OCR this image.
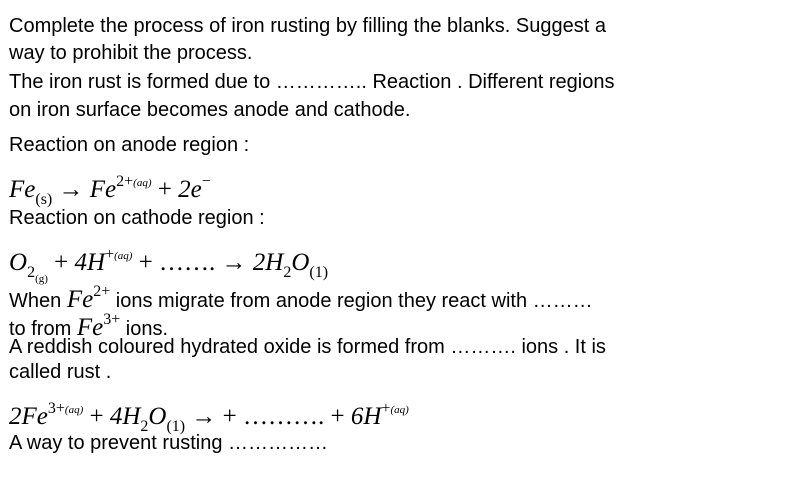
Complete the process of iron rusting by filling the blanks. Suggest a
way to prohibit the process.
The iron rust is formed due to ………….. Reaction . Different regions
on iron surface becomes anode and cathode.
Reaction on anode region :
$Fe_{(s)} \to Fe^{2+(aq)} + 2e^-$
Reaction on cathode region :
$O_{2(g)} + 4H^{+(aq)}$ + ……. → $2H_2O_{(1)}$
When $Fe^{2+}$ ions migrate from anode region they react with ………
to from $Fe^{3+}$ ions.
A reddish coloured hydrated oxide is formed from ………. ions . It is
called rust .
$2Fe^{3+(aq)} + 4H_2O_{(1)}$ → + ………. + $6H^{+(aq)}$
A way to prevent rusting ……………
